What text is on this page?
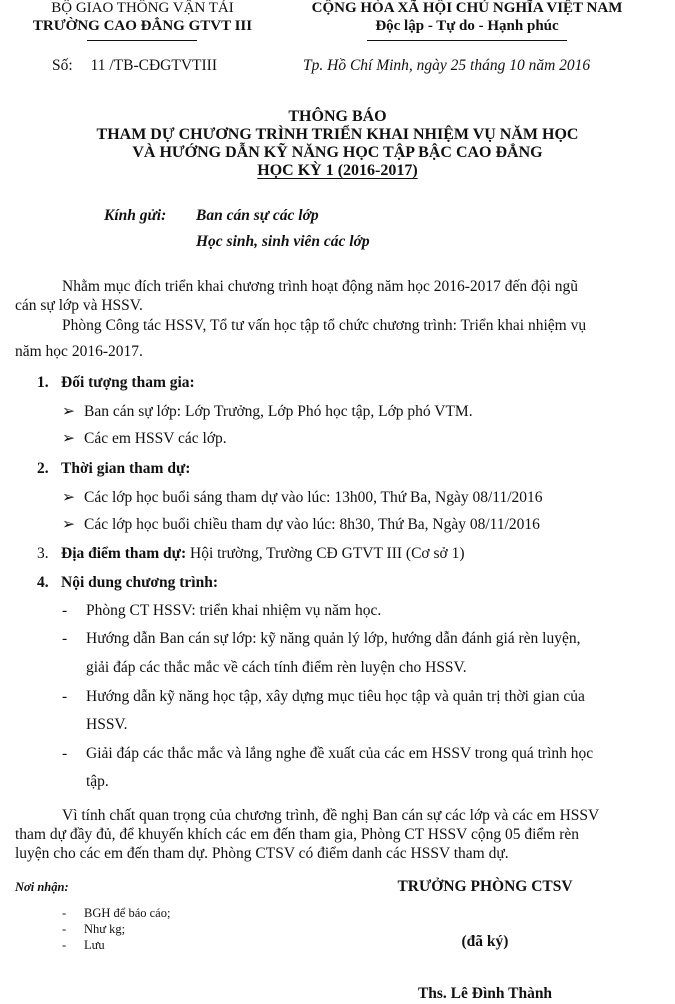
BỘ GIAO THÔNG VẬN TẢI
TRƯỜNG CAO ĐẲNG GTVT III
CỘNG HÒA XÃ HỘI CHỦ NGHĨA VIỆT NAM
Độc lập - Tự do - Hạnh phúc
Số: 11 /TB-CĐGTVTIII	Tp. Hồ Chí Minh, ngày 25 tháng 10 năm 2016
THÔNG BÁO
THAM DỰ CHƯƠNG TRÌNH TRIỂN KHAI NHIỆM VỤ NĂM HỌC
VÀ HƯỚNG DẪN KỸ NĂNG HỌC TẬP BẬC CAO ĐẲNG
HỌC KỲ 1 (2016-2017)
Kính gửi: Ban cán sự các lớp
Học sinh, sinh viên các lớp
Nhằm mục đích triển khai chương trình hoạt động năm học 2016-2017 đến đội ngũ
cán sự lớp và HSSV.
Phòng Công tác HSSV, Tổ tư vấn học tập tổ chức chương trình: Triển khai nhiệm vụ
năm học 2016-2017.
1. Đối tượng tham gia:
➢ Ban cán sự lớp: Lớp Trưởng, Lớp Phó học tập, Lớp phó VTM.
➢ Các em HSSV các lớp.
2. Thời gian tham dự:
➢ Các lớp học buổi sáng tham dự vào lúc: 13h00, Thứ Ba, Ngày 08/11/2016
➢ Các lớp học buổi chiều tham dự vào lúc: 8h30, Thứ Ba, Ngày 08/11/2016
3. Địa điểm tham dự: Hội trường, Trường CĐ GTVT III (Cơ sở 1)
4. Nội dung chương trình:
- Phòng CT HSSV: triển khai nhiệm vụ năm học.
- Hướng dẫn Ban cán sự lớp: kỹ năng quản lý lớp, hướng dẫn đánh giá rèn luyện,
giải đáp các thắc mắc về cách tính điểm rèn luyện cho HSSV.
- Hướng dẫn kỹ năng học tập, xây dựng mục tiêu học tập và quản trị thời gian của
HSSV.
- Giải đáp các thắc mắc và lắng nghe đề xuất của các em HSSV trong quá trình học
tập.
Vì tính chất quan trọng của chương trình, đề nghị Ban cán sự các lớp và các em HSSV
tham dự đầy đủ, để khuyến khích các em đến tham gia, Phòng CT HSSV cộng 05 điểm rèn
luyện cho các em đến tham dự. Phòng CTSV có điểm danh các HSSV tham dự.
Nơi nhận:
- BGH để báo cáo;
- Như kg;
- Lưu
TRƯỞNG PHÒNG CTSV
(đã ký)
Ths. Lê Đình Thành
